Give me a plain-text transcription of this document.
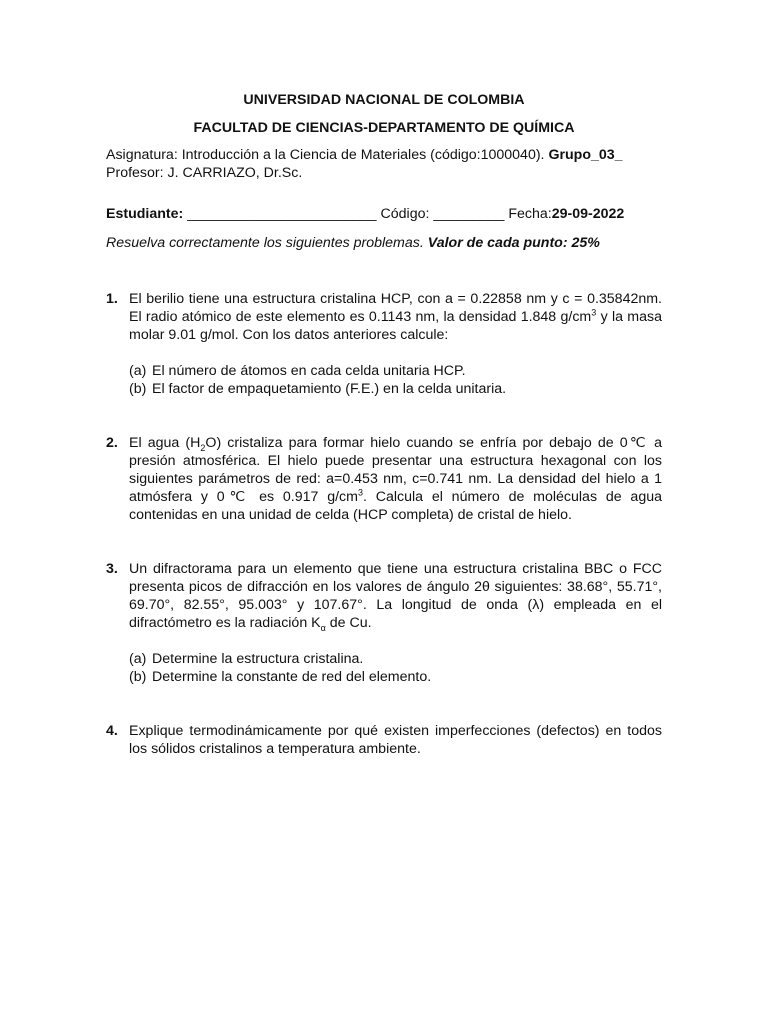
UNIVERSIDAD NACIONAL DE COLOMBIA
FACULTAD DE CIENCIAS-DEPARTAMENTO DE QUÍMICA
Asignatura: Introducción a la Ciencia de Materiales (código:1000040). Grupo_03_
Profesor: J. CARRIAZO, Dr.Sc.
Estudiante: ________________________ Código: _________ Fecha:29-09-2022
Resuelva correctamente los siguientes problemas. Valor de cada punto: 25%
1. El berilio tiene una estructura cristalina HCP, con a = 0.22858 nm y c = 0.35842nm. El radio atómico de este elemento es 0.1143 nm, la densidad 1.848 $g/cm^3$ y la masa molar 9.01 g/mol. Con los datos anteriores calcule:
(a) El número de átomos en cada celda unitaria HCP.
(b) El factor de empaquetamiento (F.E.) en la celda unitaria.
2. El agua $(H_2O)$ cristaliza para formar hielo cuando se enfría por debajo de 0℃ a presión atmosférica. El hielo puede presentar una estructura hexagonal con los siguientes parámetros de red: a=0.453 nm, c=0.741 nm. La densidad del hielo a 1 atmósfera y 0℃ es 0.917 $g/cm^3$. Calcula el número de moléculas de agua contenidas en una unidad de celda (HCP completa) de cristal de hielo.
3. Un difractorama para un elemento que tiene una estructura cristalina BBC o FCC presenta picos de difracción en los valores de ángulo 2θ siguientes: 38.68°, 55.71°, 69.70°, 82.55°, 95.003° y 107.67°. La longitud de onda (λ) empleada en el difractómetro es la radiación $K_\alpha$ de Cu.
(a) Determine la estructura cristalina.
(b) Determine la constante de red del elemento.
4. Explique termodinámicamente por qué existen imperfecciones (defectos) en todos los sólidos cristalinos a temperatura ambiente.
